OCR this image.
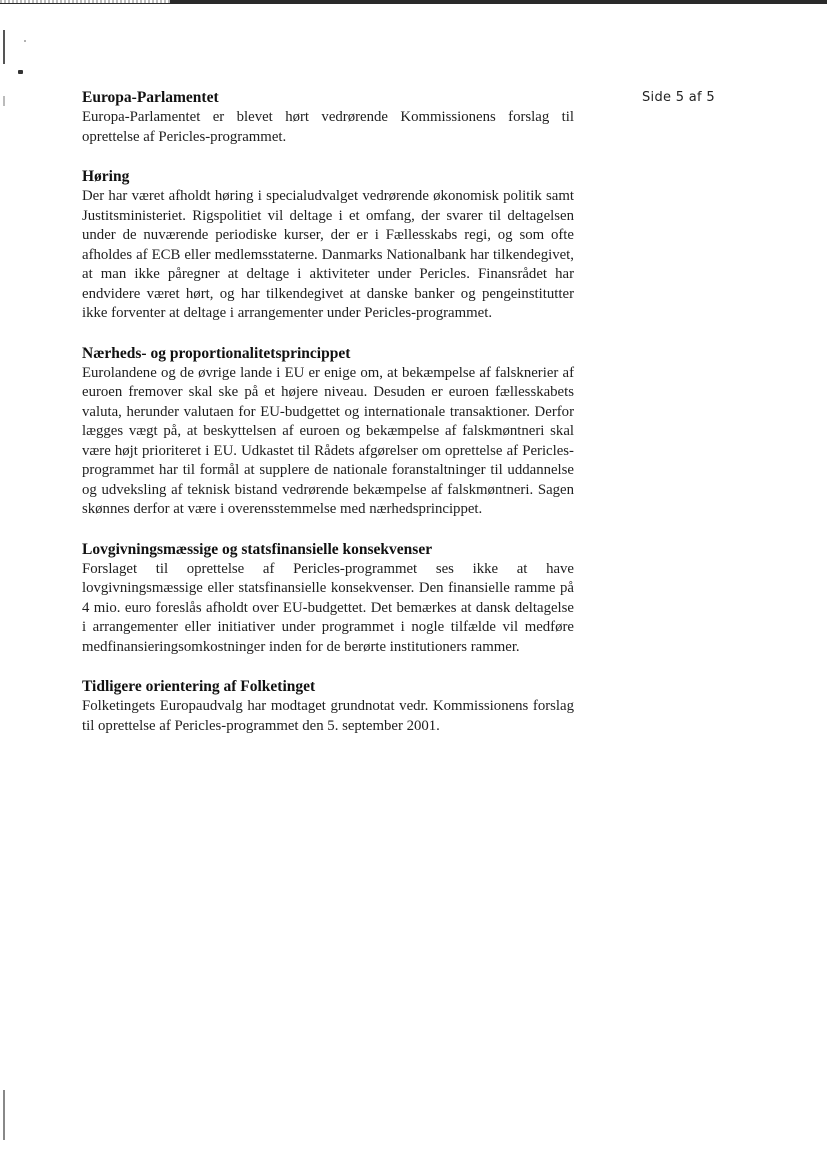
Side 5 af 5
Europa-Parlamentet

Europa-Parlamentet er blevet hørt vedrørende Kommissionens forslag til oprettelse af Pericles-programmet.

Høring

Der har været afholdt høring i specialudvalget vedrørende økonomisk politik samt Justitsministeriet. Rigspolitiet vil deltage i et omfang, der svarer til deltagelsen under de nuværende periodiske kurser, der er i Fællesskabs regi, og som ofte afholdes af ECB eller medlemsstaterne. Danmarks Nationalbank har tilkendegivet, at man ikke påregner at deltage i aktiviteter under Pericles. Finansrådet har endvidere været hørt, og har tilkendegivet at danske banker og pengeinstitutter ikke forventer at deltage i arrangementer under Pericles-programmet.

Nærheds- og proportionalitetsprincippet

Eurolandene og de øvrige lande i EU er enige om, at bekæmpelse af falsknerier af euroen fremover skal ske på et højere niveau. Desuden er euroen fællesskabets valuta, herunder valutaen for EU-budgettet og internationale transaktioner. Derfor lægges vægt på, at beskyttelsen af euroen og bekæmpelse af falskmøntneri skal være højt prioriteret i EU. Udkastet til Rådets afgørelser om oprettelse af Pericles-programmet har til formål at supplere de nationale foranstaltninger til uddannelse og udveksling af teknisk bistand vedrørende bekæmpelse af falskmøntneri. Sagen skønnes derfor at være i overensstemmelse med nærhedsprincippet.

Lovgivningsmæssige og statsfinansielle konsekvenser

Forslaget til oprettelse af Pericles-programmet ses ikke at have lovgivningsmæssige eller statsfinansielle konsekvenser. Den finansielle ramme på 4 mio. euro foreslås afholdt over EU-budgettet. Det bemærkes at dansk deltagelse i arrangementer eller initiativer under programmet i nogle tilfælde vil medføre medfinansieringsomkostninger inden for de berørte institutioners rammer.

Tidligere orientering af Folketinget

Folketingets Europaudvalg har modtaget grundnotat vedr. Kommissionens forslag til oprettelse af Pericles-programmet den 5. september 2001.
